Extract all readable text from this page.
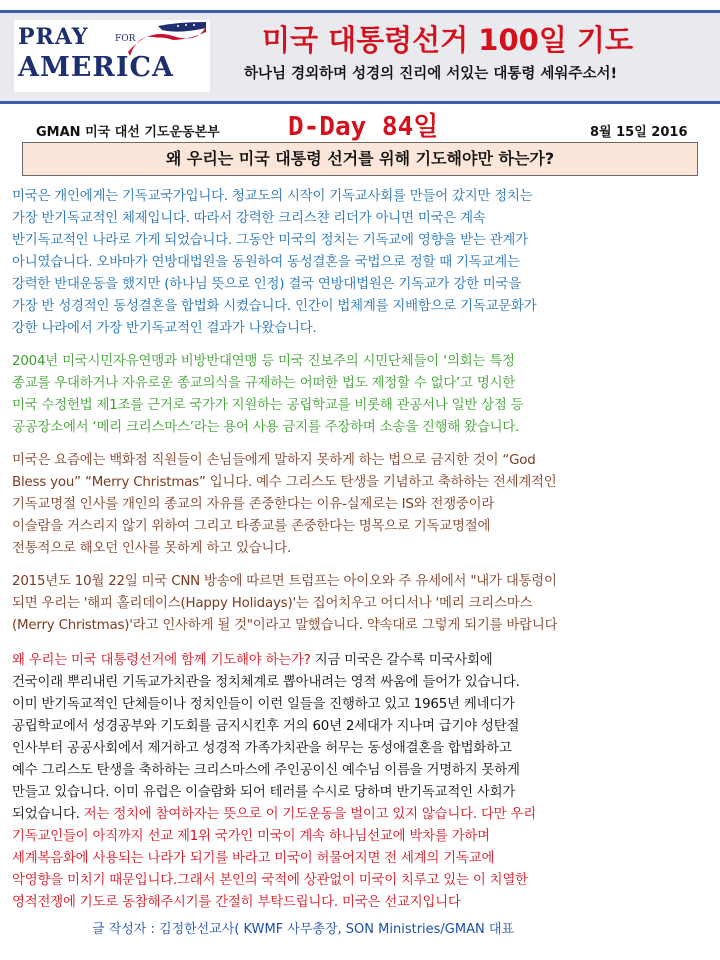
PRAY	FOR
AMERICA
미국 대통령선거 100일 기도
하나님 경외하며 성경의 진리에 서있는 대통령 세워주소서!
GMAN 미국 대선 기도운동본부	D-Day 84일	8월 15일 2016
왜 우리는 미국 대통령 선거를 위해 기도해야만 하는가?

미국은 개인에게는 기독교국가입니다. 청교도의 시작이 기독교사회를 만들어 갔지만 정치는

가장 반기독교적인 체제입니다. 따라서 강력한 크리스챤 리더가 아니면 미국은 계속

반기독교적인 나라로 가게 되었습니다. 그동안 미국의 정치는 기독교에 영향을 받는 관계가

아니였습니다. 오바마가 연방대법원을 동원하여 동성결혼을 국법으로 정할 때 기독교계는

강력한 반대운동을 했지만 (하나님 뜻으로 인정) 결국 연방대법원은 기독교가 강한 미국을

가장 반 성경적인 동성결혼을 합법화 시켰습니다. 인간이 법체계를 지배함으로 기독교문화가

강한 나라에서 가장 반기독교적인 결과가 나왔습니다.

2004년 미국시민자유연맹과 비방반대연맹 등 미국 진보주의 시민단체들이 ‘의회는 특정

종교를 우대하거나 자유로운 종교의식을 규제하는 어떠한 법도 제정할 수 없다’고 명시한

미국 수정헌법 제1조를 근거로 국가가 지원하는 공립학교를 비롯해 관공서나 일반 상점 등

공공장소에서 ‘메리 크리스마스’라는 용어 사용 금지를 주장하며 소송을 진행해 왔습니다.

미국은 요즘에는 백화점 직원들이 손님들에게 말하지 못하게 하는 법으로 금지한 것이 “God

Bless you” “Merry Christmas” 입니다. 예수 그리스도 탄생을 기념하고 축하하는 전세계적인

기독교명절 인사를 개인의 종교의 자유를 존중한다는 이유-실제로는 IS와 전쟁중이라

이슬람을 거스리지 않기 위하여 그리고 타종교를 존중한다는 명목으로 기독교명절에

전통적으로 해오던 인사를 못하게 하고 있습니다.

2015년도 10월 22일 미국 CNN 방송에 따르면 트럼프는 아이오와 주 유세에서 "내가 대통령이

되면 우리는 '해피 홀리데이스(Happy Holidays)'는 집어치우고 어디서나 '메리 크리스마스

(Merry Christmas)'라고 인사하게 될 것"이라고 말했습니다. 약속대로 그렇게 되기를 바랍니다

왜 우리는 미국 대통령선거에 함께 기도해야 하는가? 지금 미국은 갈수록 미국사회에

건국이래 뿌리내린 기독교가치관을 정치체계로 뽑아내려는 영적 싸움에 들어가 있습니다.

이미 반기독교적인 단체들이나 정치인들이 이런 일들을 진행하고 있고 1965년 케네디가

공립학교에서 성경공부와 기도회를 금지시킨후 거의 60년 2세대가 지나며 급기야 성탄절

인사부터 공공사회에서 제거하고 성경적 가족가치관을 허무는 동성애결혼을 합법화하고

예수 그리스도 탄생을 축하하는 크리스마스에 주인공이신 예수님 이름을 거명하지 못하게

만들고 있습니다. 이미 유럽은 이슬람화 되어 테러를 수시로 당하며 반기독교적인 사회가

되었습니다. 저는 정치에 참여하자는 뜻으로 이 기도운동을 벌이고 있지 않습니다. 다만 우리

기독교인들이 아직까지 선교 제1위 국가인 미국이 계속 하나님선교에 박차를 가하며

세계복음화에 사용되는 나라가 되기를 바라고 미국이 허물어지면 전 세계의 기독교에

악영향을 미치기 때문입니다.그래서 본인의 국적에 상관없이 미국이 치루고 있는 이 치열한

영적전쟁에 기도로 동참해주시기를 간절히 부탁드립니다. 미국은 선교지입니다

글 작성자 : 김정한선교사( KWMF 사무총장, SON Ministries/GMAN 대표
